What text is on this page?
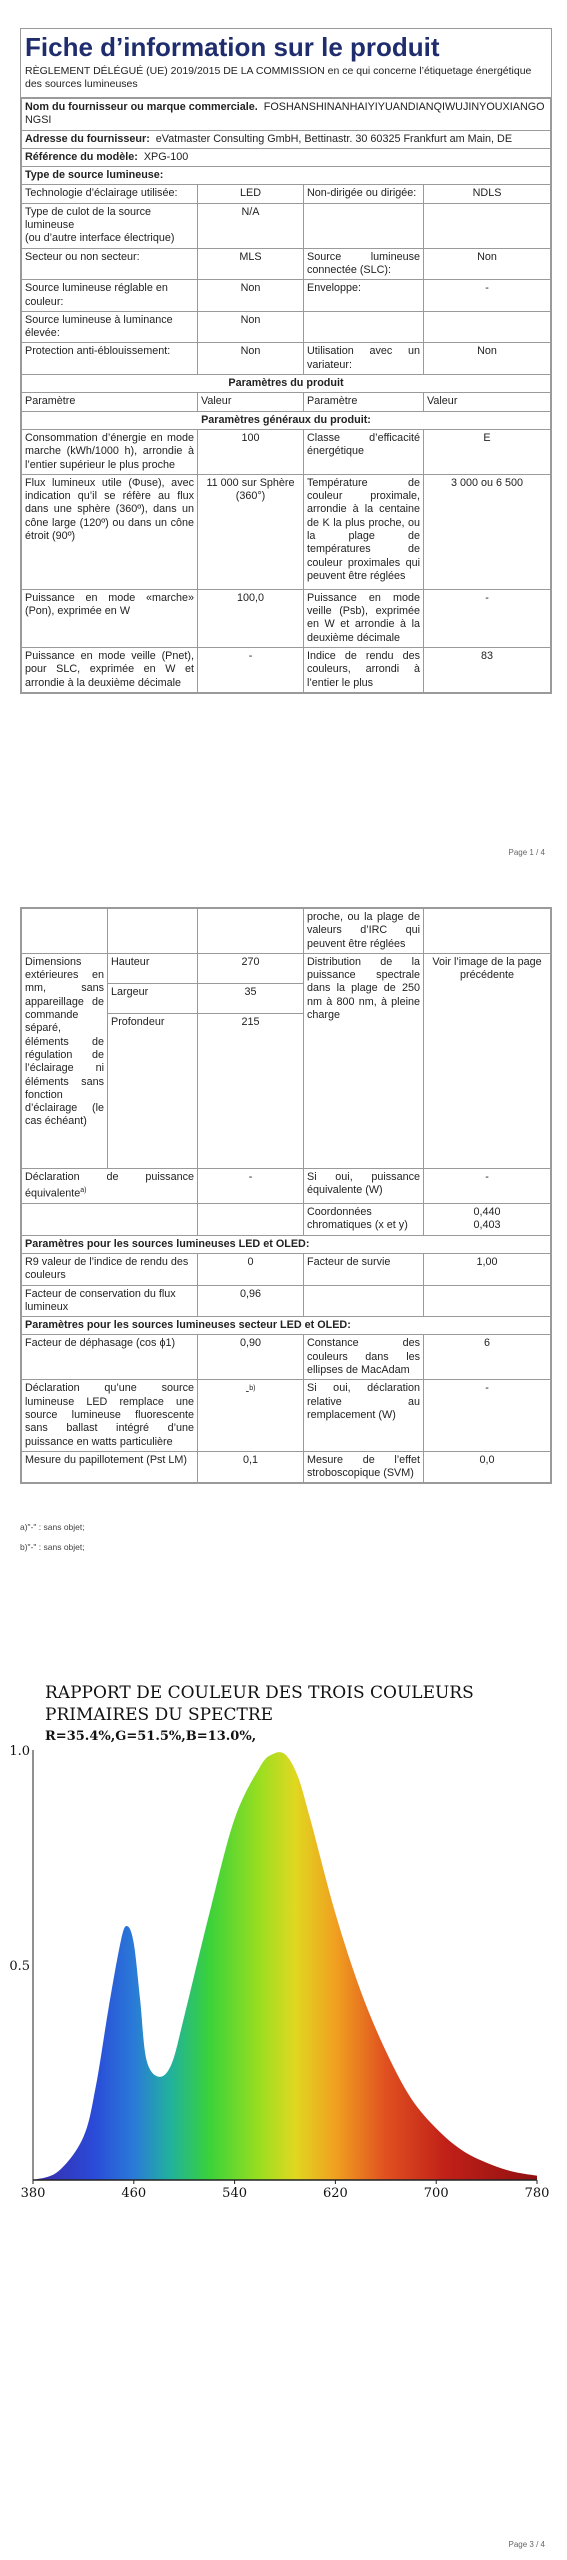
Fiche d’information sur le produit
RÈGLEMENT DÉLÉGUÉ (UE) 2019/2015 DE LA COMMISSION en ce qui concerne l’étiquetage énergétique des sources lumineuses
Nom du fournisseur ou marque commerciale. FOSHANSHINANHAIYIYUANDIANQIWUJINYOUXIANGONGSI			
Adresse du fournisseur: eVatmaster Consulting GmbH, Bettinastr. 30 60325 Frankfurt am Main, DE			
Référence du modèle: XPG-100			
Type de source lumineuse:			
Technologie d’éclairage utilisée:	LED	Non-dirigée ou dirigée:	NDLS
Type de culot de la source lumineuse
(ou d’autre interface électrique)	N/A		
Secteur ou non secteur:	MLS	Source lumineuse connectée (SLC):	Non
Source lumineuse réglable en couleur:	Non	Enveloppe:	-
Source lumineuse à luminance élevée:	Non		
Protection anti-éblouissement:	Non	Utilisation avec un variateur:	Non
Paramètres du produit			
Paramètre	Valeur	Paramètre	Valeur
Paramètres généraux du produit:			
Consommation d’énergie en mode marche (kWh/1000 h), arrondie à l’entier supérieur le plus proche	100	Classe d’efficacité énergétique	E
Flux lumineux utile (Φuse), avec indication qu’il se réfère au flux dans une sphère (360º), dans un cône large (120º) ou dans un cône étroit (90º)	11 000 sur Sphère (360°)	Température de couleur proximale, arrondie à la centaine de K la plus proche, ou la plage de températures de couleur proximales qui peuvent être réglées	3 000 ou 6 500
Puissance en mode «marche» (Pon), exprimée en W	100,0	Puissance en mode veille (Psb), exprimée en W et arrondie à la deuxième décimale	-
Puissance en mode veille (Pnet), pour SLC, exprimée en W et arrondie à la deuxième décimale	-	Indice de rendu des couleurs, arrondi à l’entier le plus	83
Page 1 / 4
			proche, ou la plage de valeurs d’IRC qui peuvent être réglées	
Dimensions extérieures en mm, sans appareillage de commande séparé, éléments de régulation de l’éclairage ni éléments sans fonction d’éclairage (le cas échéant)	Hauteur	270	Distribution de la puissance spectrale dans la plage de 250 nm à 800 nm, à pleine charge	Voir l’image de la page précédente
	Largeur	35		
	Profondeur	215		
Déclaration de puissance équivalente$^{a)}$		-	Si oui, puissance équivalente (W)	-
			Coordonnées chromatiques (x et y)	0,440
0,403

Paramètres pour les sources lumineuses LED et OLED:				
R9 valeur de l’indice de rendu des couleurs		0	Facteur de survie	1,00
Facteur de conservation du flux lumineux		0,96		
Paramètres pour les sources lumineuses secteur LED et OLED:				
Facteur de déphasage (cos ϕ1)		0,90	Constance des couleurs dans les ellipses de MacAdam	6
Déclaration qu’une source lumineuse LED remplace une source lumineuse fluorescente sans ballast intégré d’une puissance en watts particulière		-$^{b)}$	Si oui, déclaration relative au remplacement (W)	-
Mesure du papillotement (Pst LM)		0,1	Mesure de l’effet stroboscopique (SVM)	0,0
a)"-" : sans objet;
b)"-" : sans objet;
RAPPORT DE COULEUR DES TROIS COULEURS
PRIMAIRES DU SPECTRE
R=35.4%,G=51.5%,B=13.0%,
380	460	540	620	700	780
0.5
1.0
Page 3 / 4
